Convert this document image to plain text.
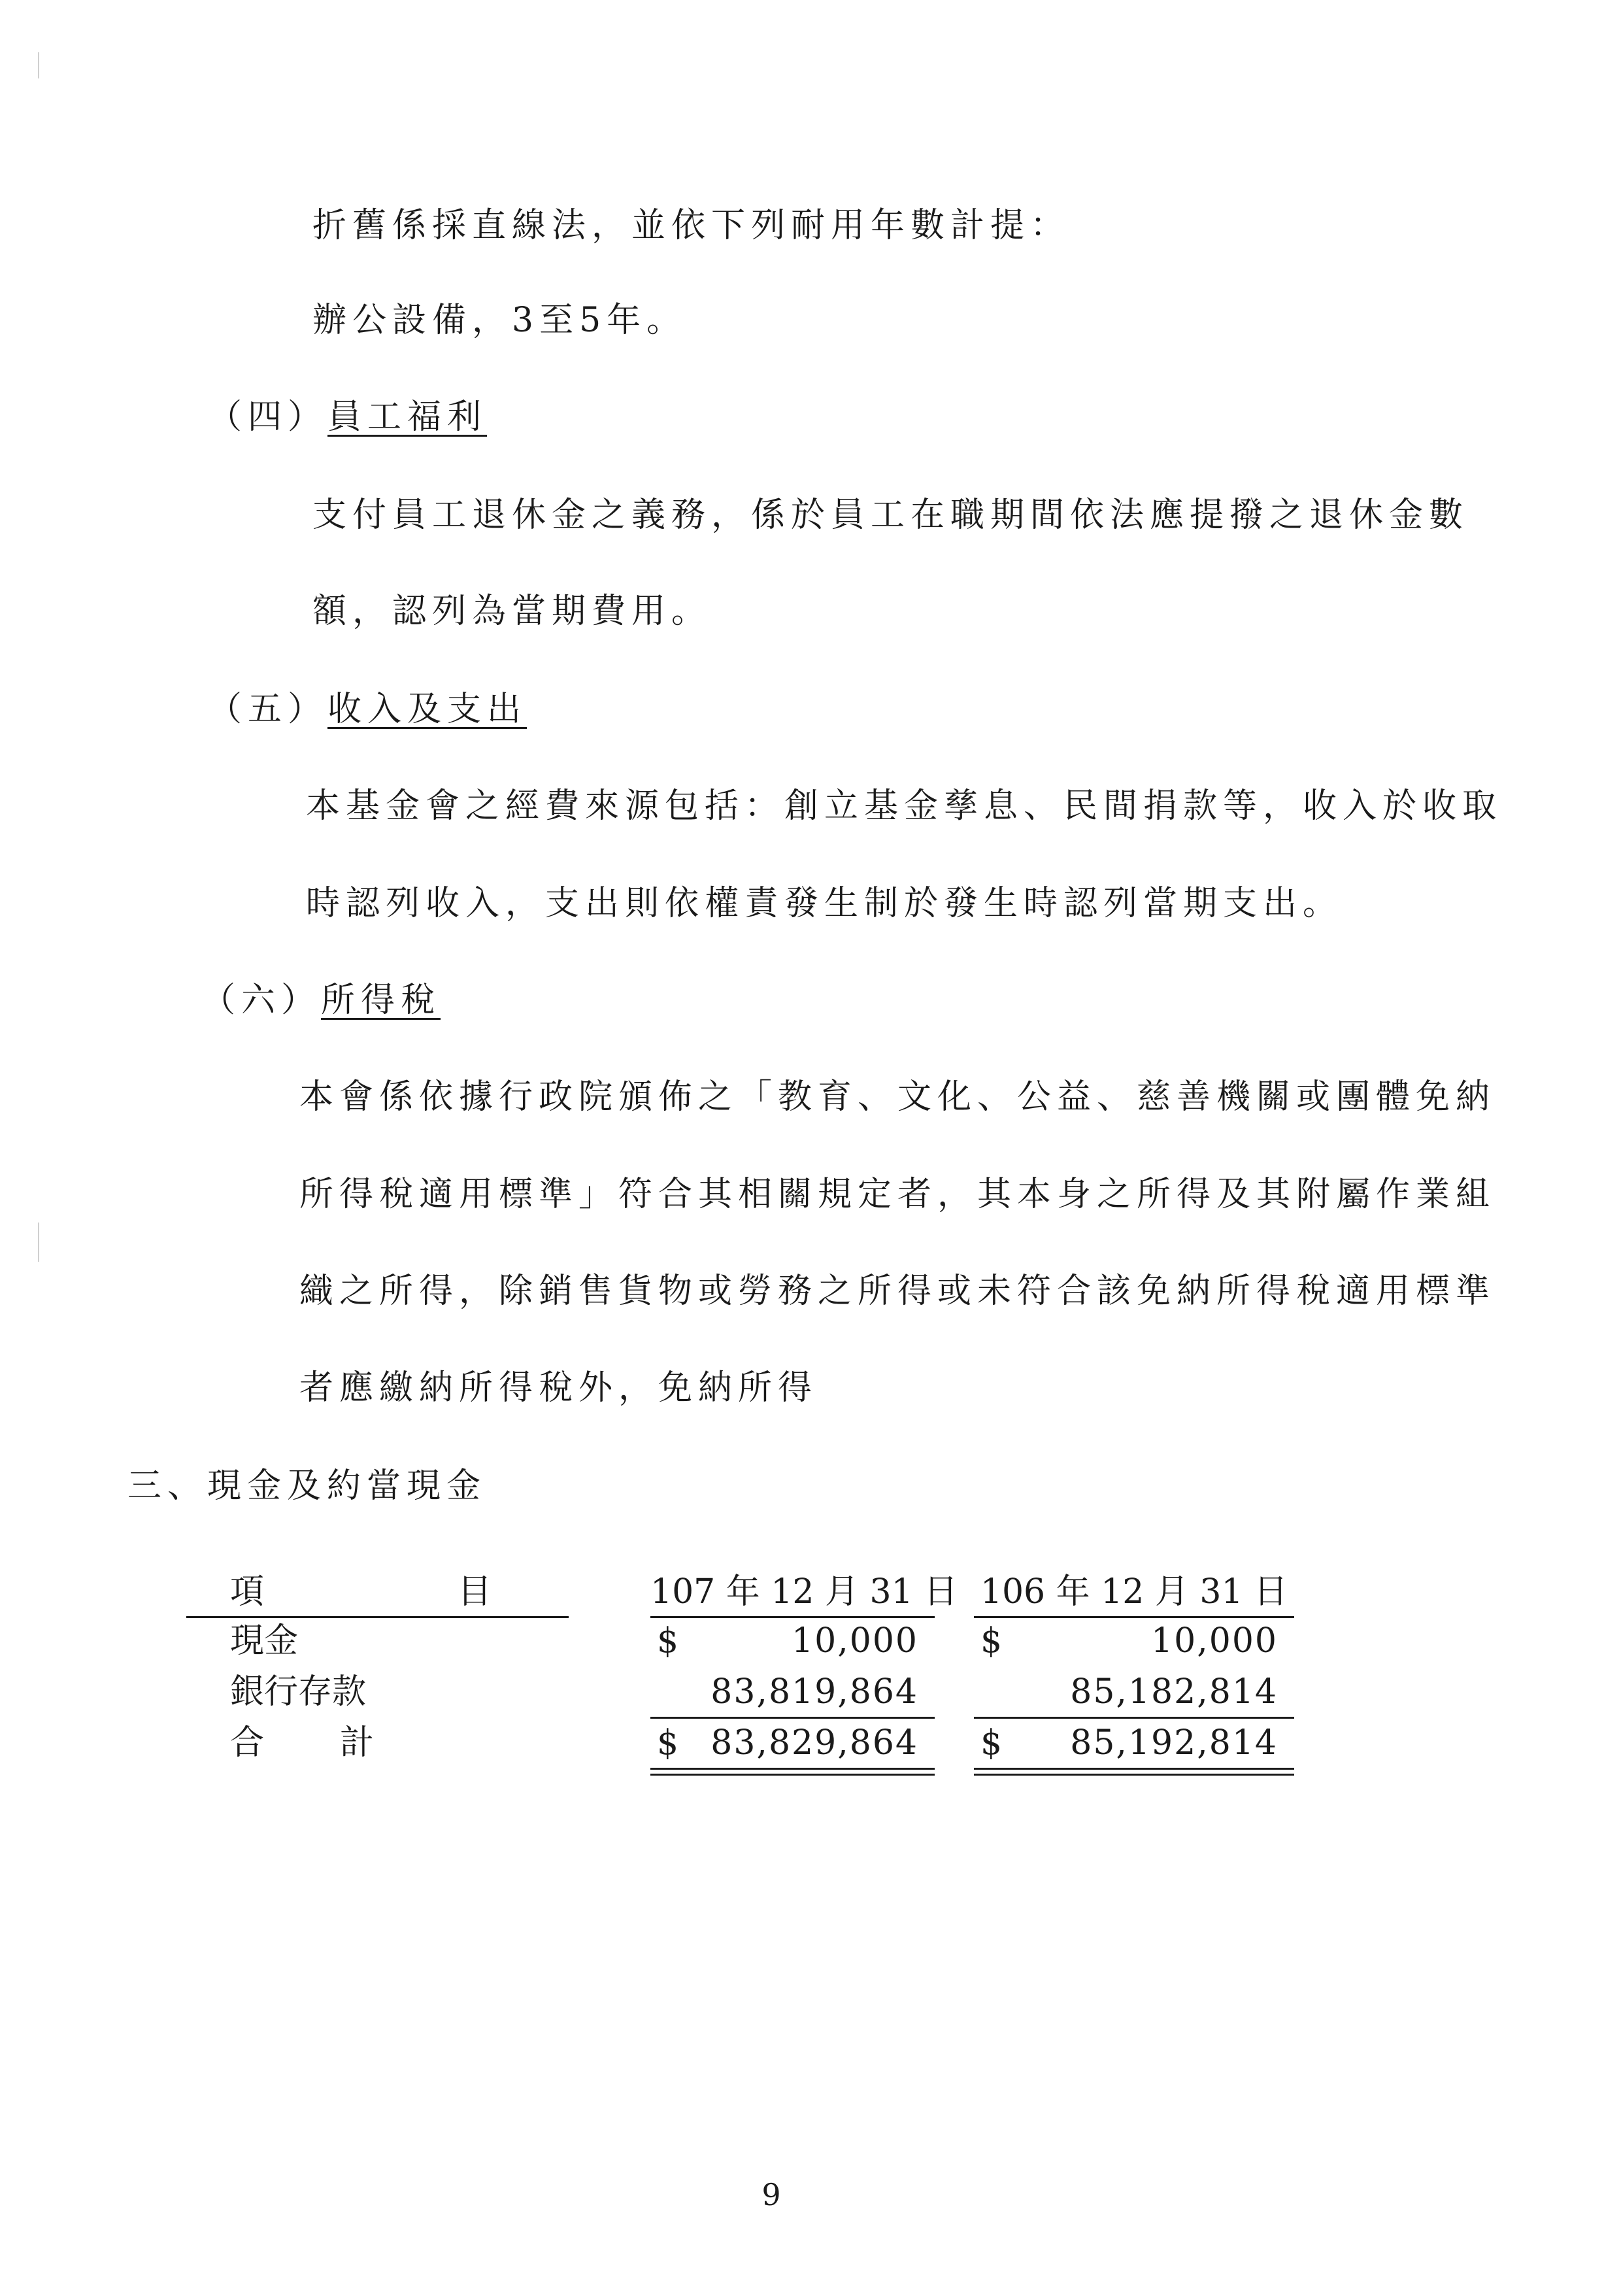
折舊係採直線法，並依下列耐用年數計提：
辦公設備，3至5年。
（四）員工福利
支付員工退休金之義務，係於員工在職期間依法應提撥之退休金數
額，認列為當期費用。
（五）收入及支出
本基金會之經費來源包括：創立基金孳息、民間捐款等，收入於收取
時認列收入，支出則依權責發生制於發生時認列當期支出。
（六）所得稅
本會係依據行政院頒佈之「教育、文化、公益、慈善機關或團體免納
所得稅適用標準」符合其相關規定者，其本身之所得及其附屬作業組
織之所得，除銷售貨物或勞務之所得或未符合該免納所得稅適用標準
者應繳納所得稅外，免納所得
三、現金及約當現金
項	目	107 年 12 月 31 日 106 年 12 月 31 日
現金	$	10,000 $	10,000
銀行存款	83,819,864	85,182,814
合 計	$ 83,829,864 $	85,192,814
9
